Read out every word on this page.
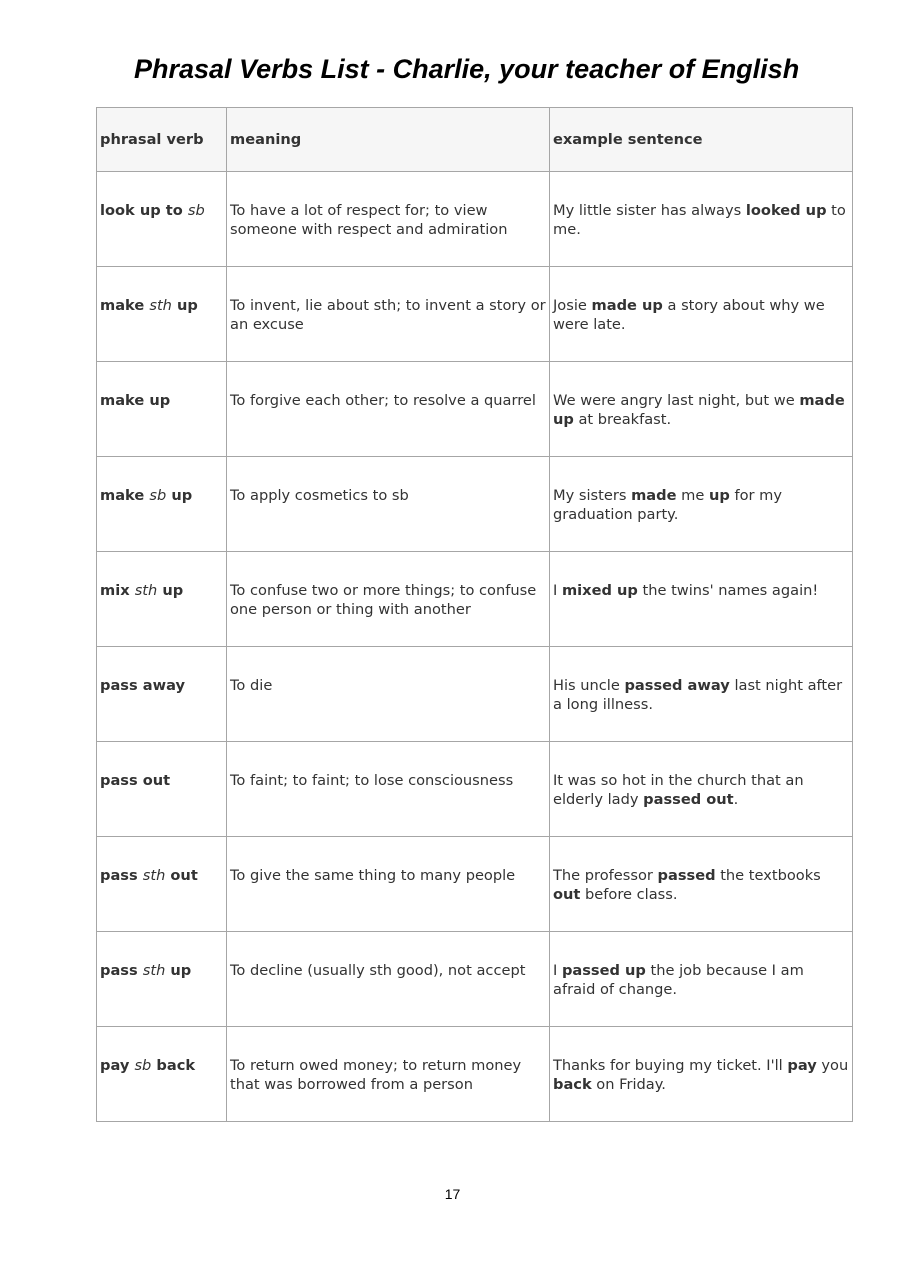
Phrasal Verbs List - Charlie, your teacher of English
phrasal verb	meaning	example sentence
look up to sb	To have a lot of respect for; to view someone with respect and admiration	My little sister has always looked up to me.
make sth up	To invent, lie about sth; to invent a story or an excuse	Josie made up a story about why we were late.
make up	To forgive each other; to resolve a quarrel	We were angry last night, but we made up at breakfast.
make sb up	To apply cosmetics to sb	My sisters made me up for my graduation party.
mix sth up	To confuse two or more things; to confuse one person or thing with another	I mixed up the twins' names again!
pass away	To die	His uncle passed away last night after a long illness.
pass out	To faint; to faint; to lose consciousness	It was so hot in the church that an elderly lady passed out.
pass sth out	To give the same thing to many people	The professor passed the textbooks out before class.
pass sth up	To decline (usually sth good), not accept	I passed up the job because I am afraid of change.
pay sb back	To return owed money; to return money that was borrowed from a person	Thanks for buying my ticket. I'll pay you back on Friday.
17
